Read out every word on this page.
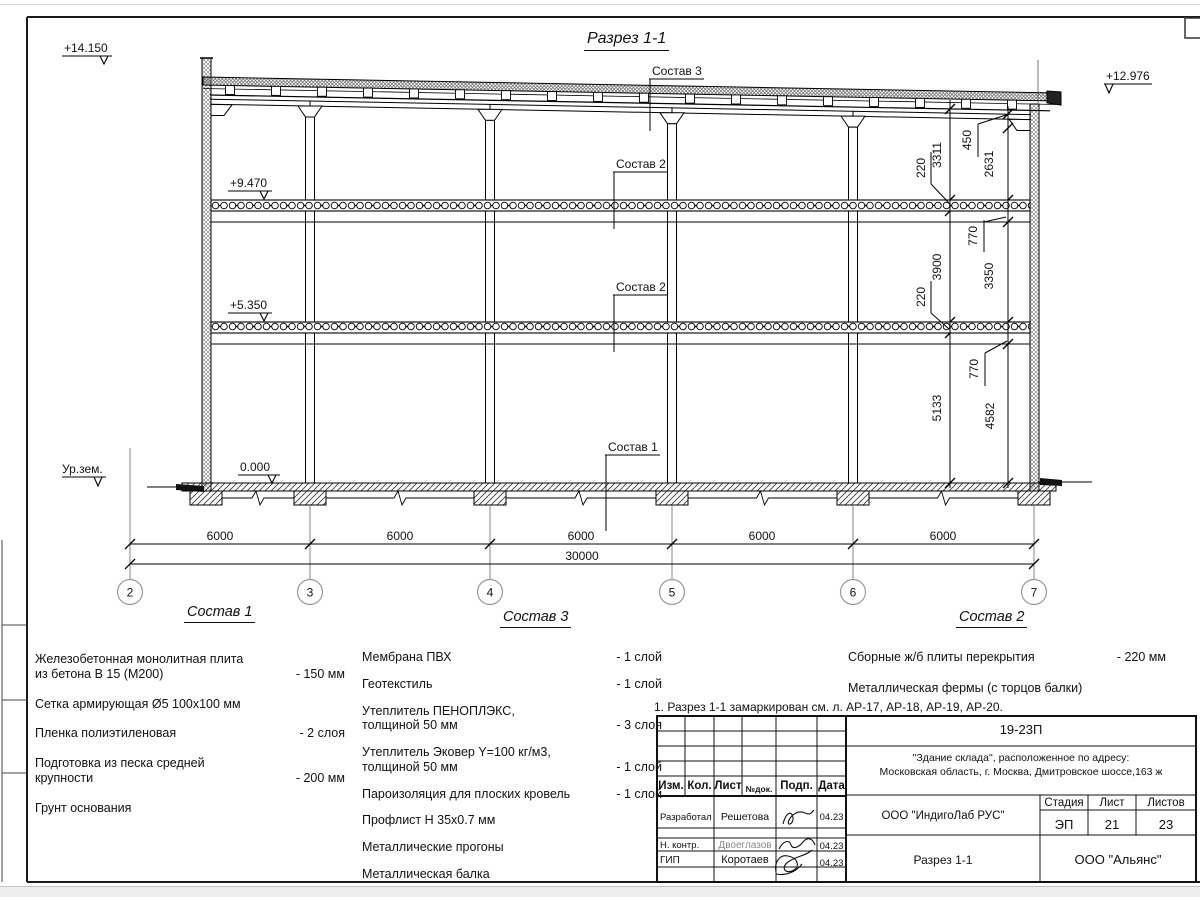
+14.150
+9.470
+5.350
0.000
Ур.зем.
+12.976
Состав 3
Состав 2
Состав 2
Состав 1
6000	6000	6000	6000	6000
30000
2	3	4	5	6	7
3311
3900
5133
220
220
450
2631
770
3350
770
4582
Разрез 1-1
Состав 1	Состав 3	Состав 2
Железобетонная монолитная плита
из бетона В 15 (М200)	- 150 мм
Сетка армирующая Ø5 100х100 мм
Пленка полиэтиленовая	- 2 слоя
Подготовка из песка средней
крупности	- 200 мм
Грунт основания
Мембрана ПВХ	- 1 слой
Геотекстиль	- 1 слой
Утеплитель ПЕНОПЛЭКС,
толщиной 50 мм	- 3 слоя
Утеплитель Эковер Y=100 кг/м3,
толщиной 50 мм	- 1 слой
Пароизоляция для плоских кровель	- 1 слой
Профлист Н 35х0.7 мм
Металлические прогоны
Металлическая балка
Сборные ж/б плиты перекрытия	- 220 мм
Металлическая фермы (с торцов балки)
1. Разрез 1-1 замаркирован см. л. АР-17, АР-18, АР-19, АР-20.
19-23П
"Здание склада", расположенное по адресу:
Московская область, г. Москва, Дмитровское шоссе,163 ж
Изм. Кол. Лист №док. Подп. Дата
Разработал Решетова	04.23
Н. контр.	Двоеглазов	04.23
ГИП	Коротаев	04.23
ООО "ИндигоЛаб РУС"
Стадия	Лист	Листов
ЭП	21	23
Разрез 1-1	ООО "Альянс"
